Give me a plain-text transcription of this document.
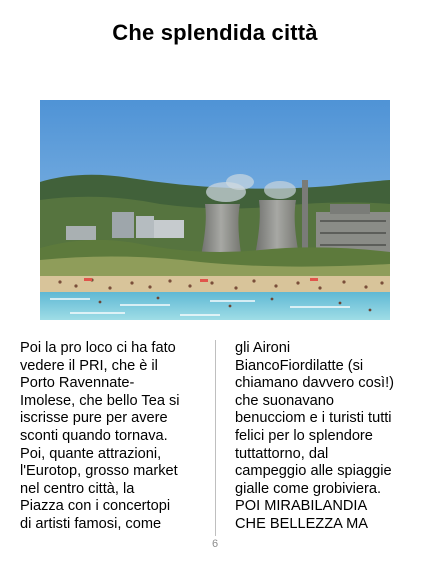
Che splendida città
Poi la pro loco ci ha fato
vedere il PRI, che è il
Porto Ravennate-
Imolese, che bello Tea si
iscrisse pure per avere
sconti quando tornava.
Poi, quante attrazioni,
l'Eurotop, grosso market
nel centro città, la
Piazza con i concertopi
di artisti famosi, come
gli Aironi
BiancoFiordilatte (si
chiamano davvero così!)
che suonavano
benucciom e i turisti tutti
felici per lo splendore
tuttattorno, dal
campeggio alle spiaggie
gialle come grobiviera.
POI MIRABILANDIA
CHE BELLEZZA MA
6
